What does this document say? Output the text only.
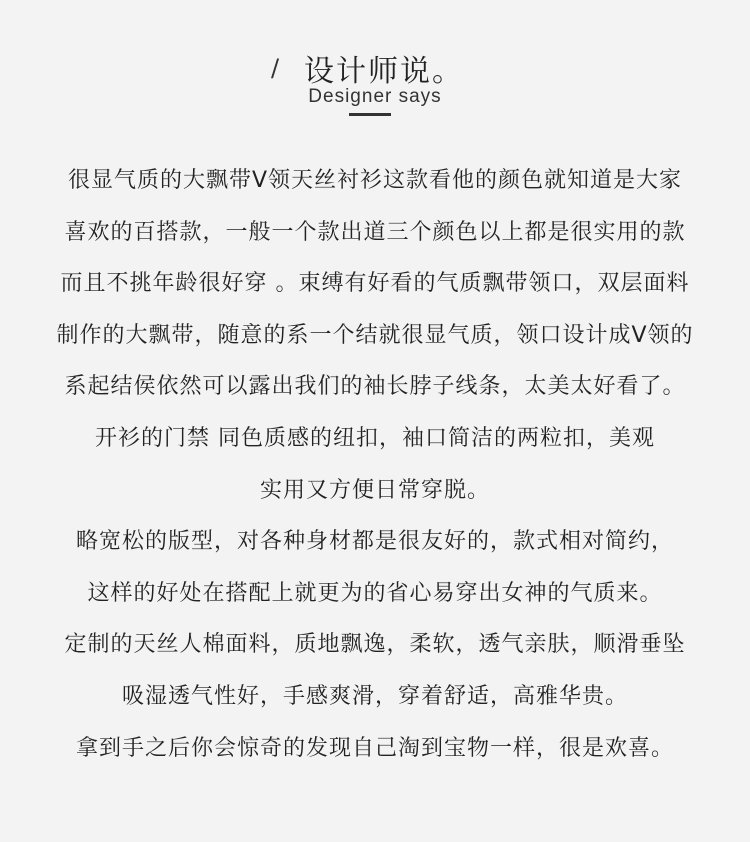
/ 设计师说。
Designer says
很显气质的大飘带V领天丝衬衫这款看他的颜色就知道是大家
喜欢的百搭款，一般一个款出道三个颜色以上都是很实用的款
而且不挑年龄很好穿 。束缚有好看的气质飘带领口，双层面料
制作的大飘带，随意的系一个结就很显气质，领口设计成V领的
系起结侯依然可以露出我们的袖长脖子线条，太美太好看了。
开衫的门禁 同色质感的纽扣，袖口简洁的两粒扣，美观
实用又方便日常穿脱。
略宽松的版型，对各种身材都是很友好的，款式相对简约，
这样的好处在搭配上就更为的省心易穿出女神的气质来。
定制的天丝人棉面料，质地飘逸，柔软，透气亲肤，顺滑垂坠
吸湿透气性好，手感爽滑，穿着舒适，高雅华贵。
拿到手之后你会惊奇的发现自己淘到宝物一样，很是欢喜。
